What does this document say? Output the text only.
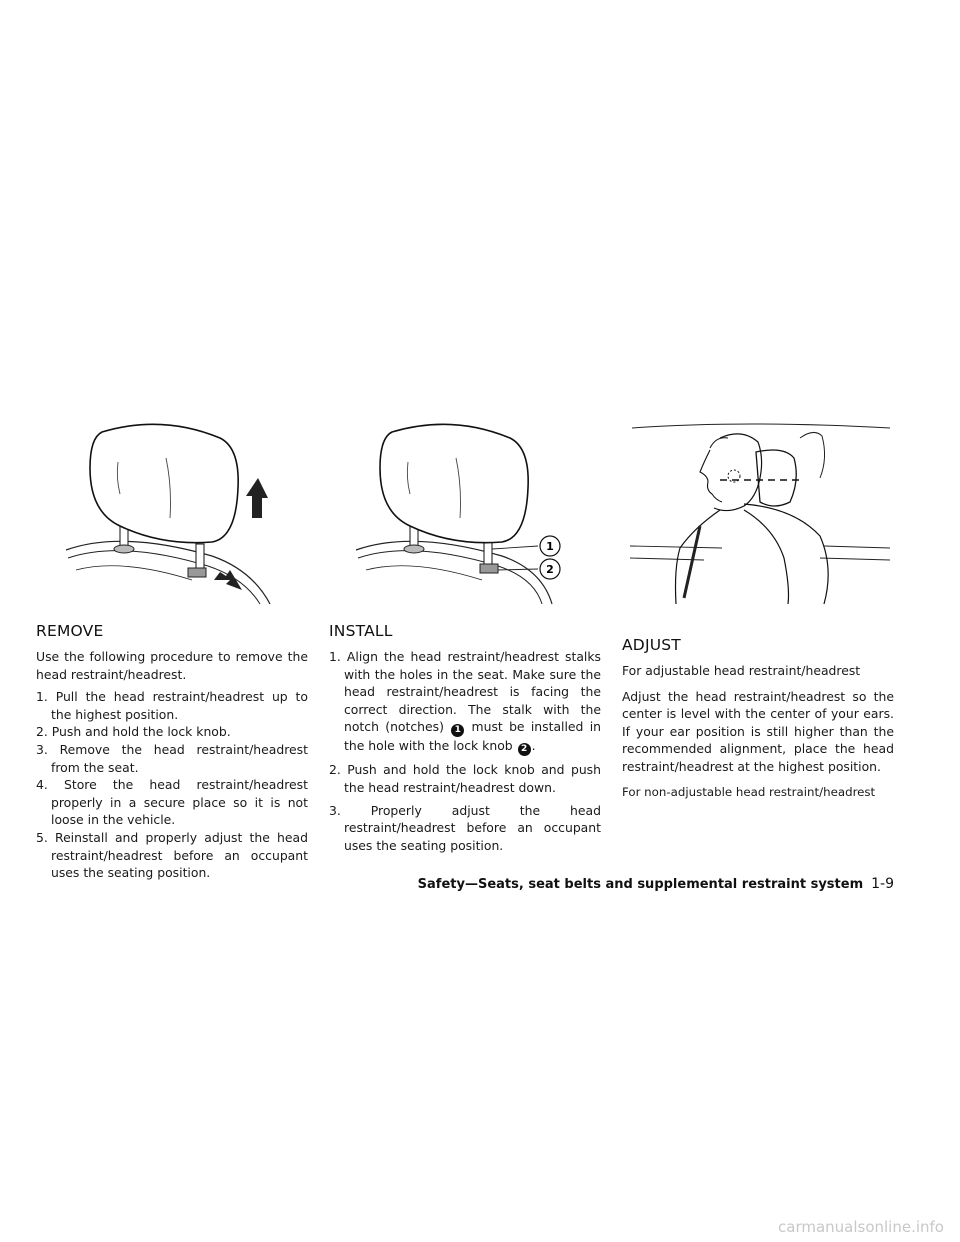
1
2
REMOVE

Use the following procedure to remove the head restraint/headrest.

1. Pull the head restraint/headrest up to the highest position.
2. Push and hold the lock knob.
3. Remove the head restraint/headrest from the seat.
4. Store the head restraint/headrest properly in a secure place so it is not loose in the vehicle.
5. Reinstall and properly adjust the head restraint/headrest before an occupant uses the seating position.
INSTALL
1. Align the head restraint/headrest stalks with the holes in the seat. Make sure the head restraint/headrest is facing the correct direction. The stalk with the notch (notches) 1 must be installed in the hole with the lock knob 2 .
2. Push and hold the lock knob and push the head restraint/headrest down.
3. Properly adjust the head restraint/headrest before an occupant uses the seating position.
ADJUST

For adjustable head restraint/headrest

Adjust the head restraint/headrest so the center is level with the center of your ears. If your ear position is still higher than the recommended alignment, place the head restraint/headrest at the highest position.

For non-adjustable head restraint/headrest

Safety—Seats, seat belts and supplemental restraint system 1-9
carmanualsonline.info
